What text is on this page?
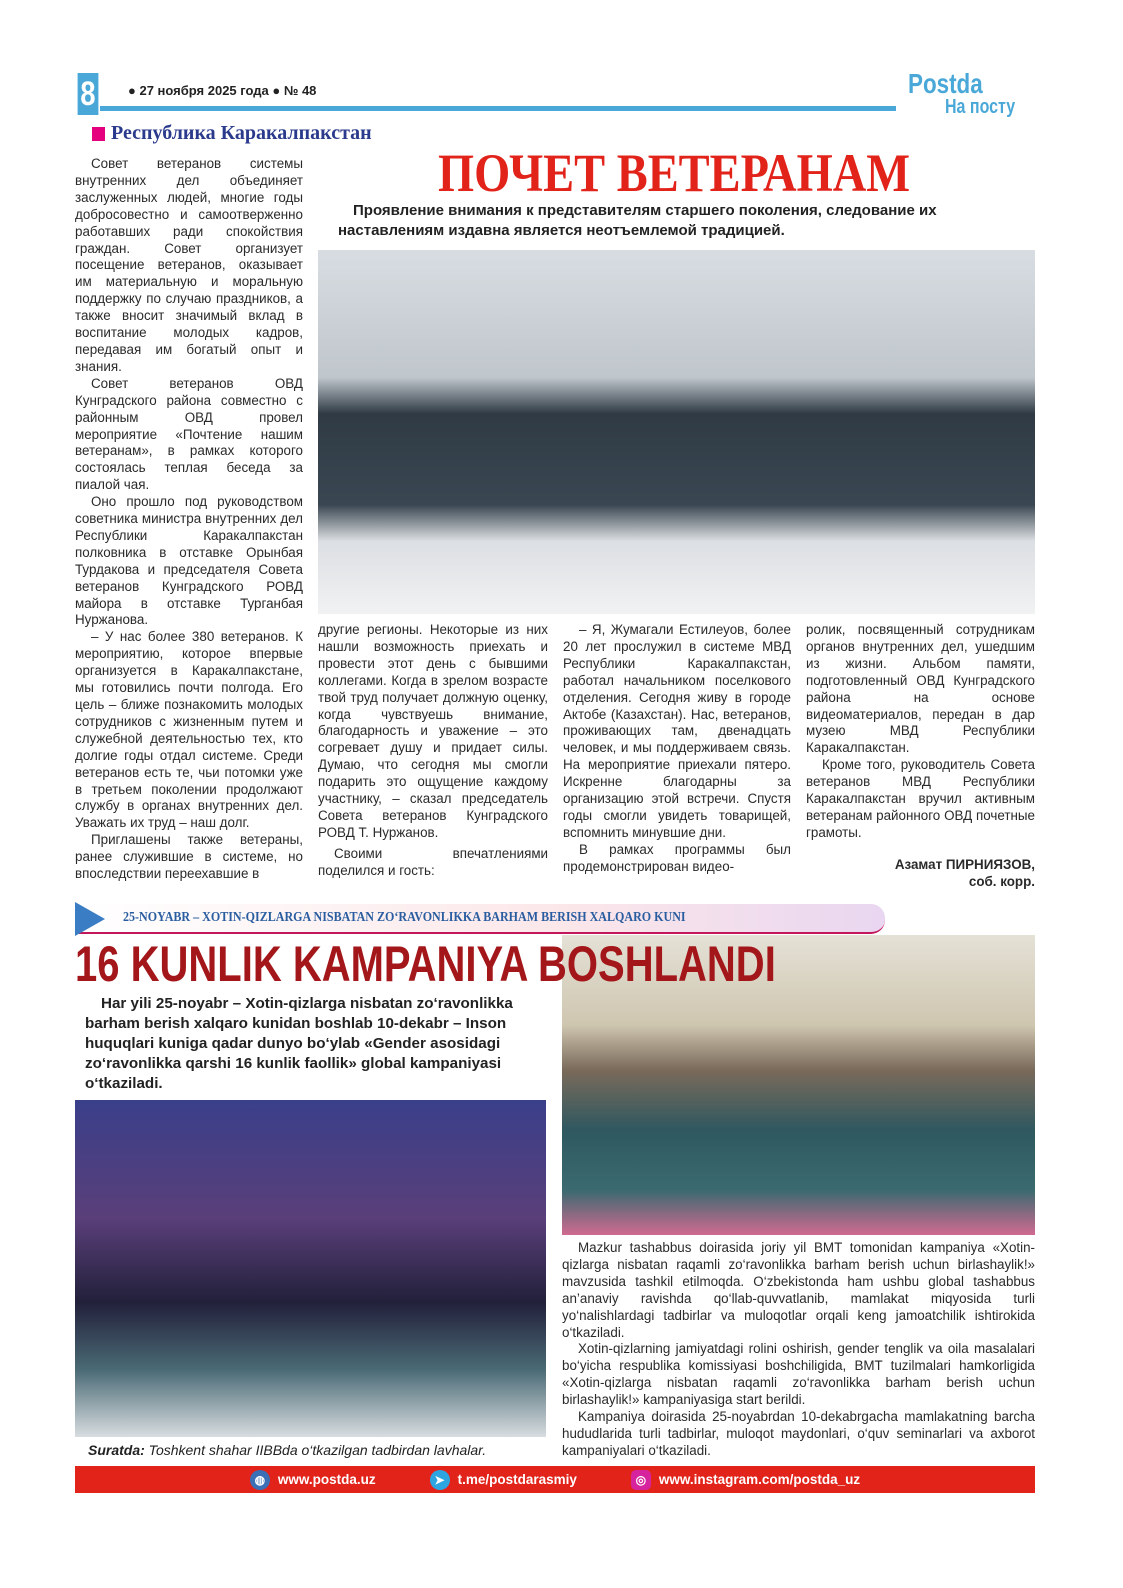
8 ● 27 ноября 2025 года ● № 48	Postda
На посту
Республика Каракалпакстан
ПОЧЕТ ВЕТЕРАНАМ
Проявление внимания к представителям старшего поколения, следование их наставлениям издавна является неотъемлемой традицией.

Совет ветеранов системы внутренних дел объединяет заслуженных людей, многие годы добросовестно и самоотверженно работавших ради спокойствия граждан. Совет организует посещение ветеранов, оказывает им материальную и моральную поддержку по случаю праздников, а также вносит значимый вклад в воспитание молодых кадров, передавая им богатый опыт и знания.

Совет ветеранов ОВД Кунградского района совместно с районным ОВД провел мероприятие «Почтение нашим ветеранам», в рамках которого состоялась теплая беседа за пиалой чая.

Оно прошло под руководством советника министра внутренних дел Республики Каракалпакстан полковника в отставке Орынбая Турдакова и председателя Совета ветеранов Кунградского РОВД майора в отставке Турганбая Нуржанова.

– У нас более 380 ветеранов. К мероприятию, которое впервые организуется в Каракалпакстане, мы готовились почти полгода. Его цель – ближе познакомить молодых сотрудников с жизненным путем и служебной деятельностью тех, кто долгие годы отдал системе. Среди ветеранов есть те, чьи потомки уже в третьем поколении продолжают службу в органах внутренних дел. Уважать их труд – наш долг.

Приглашены также ветераны, ранее служившие в системе, но впоследствии переехавшие в

другие регионы. Некоторые из них нашли возможность приехать и провести этот день с бывшими коллегами. Когда в зрелом возрасте твой труд получает должную оценку, когда чувствуешь внимание, благодарность и уважение – это согревает душу и придает силы. Думаю, что сегодня мы смогли подарить это ощущение каждому участнику, – сказал председатель Совета ветеранов Кунградского РОВД Т. Нуржанов.

Своими впечатлениями поделился и гость:

– Я, Жумагали Естилеуов, более 20 лет прослужил в системе МВД Республики Каракалпакстан, работал начальником поселкового отделения. Сегодня живу в городе Актобе (Казахстан). Нас, ветеранов, проживающих там, двенадцать человек, и мы поддерживаем связь. На мероприятие приехали пятеро. Искренне благодарны за организацию этой встречи. Спустя годы смогли увидеть товарищей, вспомнить минувшие дни.

В рамках программы был продемонстрирован видео-

ролик, посвященный сотрудникам органов внутренних дел, ушедшим из жизни. Альбом памяти, подготовленный ОВД Кунградского района на основе видеоматериалов, передан в дар музею МВД Республики Каракалпакстан.

Кроме того, руководитель Совета ветеранов МВД Республики Каракалпакстан вручил активным ветеранам районного ОВД почетные грамоты.

Азамат ПИРНИЯЗОВ,
соб. корр.
25-NOYABR – XOTIN-QIZLARGA NISBATAN ZO‘RAVONLIKKA BARHAM BERISH XALQARO KUNI
16 KUNLIK KAMPANIYA BOSHLANDI
Har yili 25-noyabr – Xotin-qizlarga nisbatan zo‘ravonlikka barham berish xalqaro kunidan boshlab 10-dekabr – Inson huquqlari kuniga qadar dunyo bo‘ylab «Gender asosidagi zo‘ravonlikka qarshi 16 kunlik faollik» global kampaniyasi o‘tkaziladi.
Suratda: Toshkent shahar IIBBda o‘tkazilgan tadbirdan lavhalar.

Mazkur tashabbus doirasida joriy yil BMT tomonidan kampaniya «Xotin-qizlarga nisbatan raqamli zo‘ravonlikka barham berish uchun birlashaylik!» mavzusida tashkil etilmoqda. O‘zbekistonda ham ushbu global tashabbus an’anaviy ravishda qo‘llab-quvvatlanib, mamlakat miqyosida turli yo‘nalishlardagi tadbirlar va muloqotlar orqali keng jamoatchilik ishtirokida o‘tkaziladi.

Xotin-qizlarning jamiyatdagi rolini oshirish, gender tenglik va oila masalalari bo‘yicha respublika komissiyasi boshchiligida, BMT tuzilmalari hamkorligida «Xotin-qizlarga nisbatan raqamli zo‘ravonlikka barham berish uchun birlashaylik!» kampaniyasiga start berildi.

Kampaniya doirasida 25-noyabrdan 10-dekabrgacha mamlakatning barcha hududlarida turli tadbirlar, muloqot maydonlari, o‘quv seminarlari va axborot kampaniyalari o‘tkaziladi.

◍ www.postda.uz	➤ t.me/postdarasmiy	◎ www.instagram.com/postda_uz
